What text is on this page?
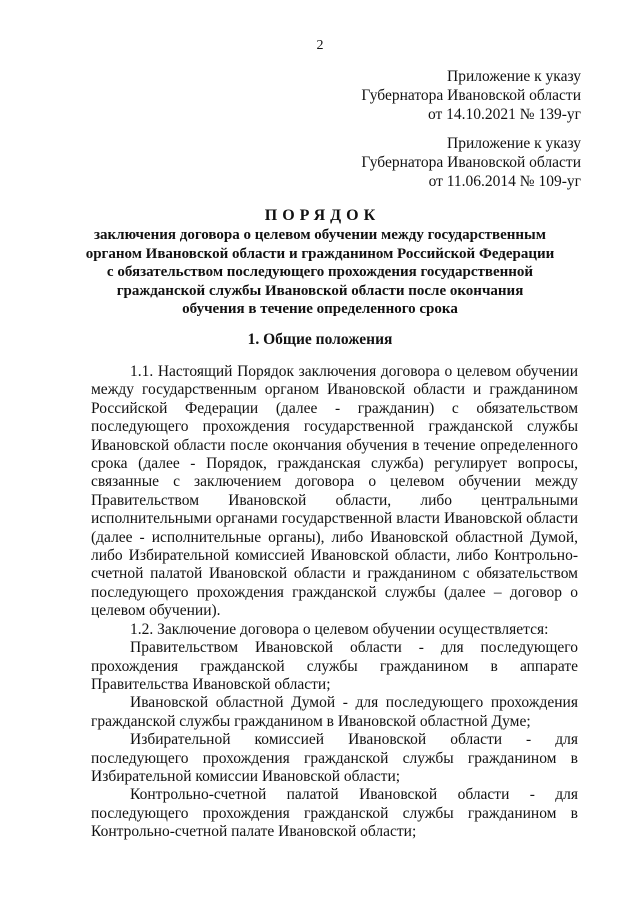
2
Приложение к указу
Губернатора Ивановской области
от 14.10.2021 № 139-уг
Приложение к указу
Губернатора Ивановской области
от 11.06.2014 № 109-уг
ПОРЯДОК
заключения договора о целевом обучении между государственным
органом Ивановской области и гражданином Российской Федерации
с обязательством последующего прохождения государственной
гражданской службы Ивановской области после окончания
обучения в течение определенного срока
1. Общие положения
1.1. Настоящий Порядок заключения договора о целевом обучении между государственным органом Ивановской области и гражданином Российской Федерации (далее - гражданин) с обязательством последующего прохождения государственной гражданской службы Ивановской области после окончания обучения в течение определенного срока (далее - Порядок, гражданская служба) регулирует вопросы, связанные с заключением договора о целевом обучении между Правительством Ивановской области, либо центральными исполнительными органами государственной власти Ивановской области (далее - исполнительные органы), либо Ивановской областной Думой, либо Избирательной комиссией Ивановской области, либо Контрольно-счетной палатой Ивановской области и гражданином с обязательством последующего прохождения гражданской службы (далее – договор о целевом обучении).
1.2. Заключение договора о целевом обучении осуществляется:
Правительством Ивановской области - для последующего прохождения гражданской службы гражданином в аппарате Правительства Ивановской области;
Ивановской областной Думой - для последующего прохождения гражданской службы гражданином в Ивановской областной Думе;
Избирательной комиссией Ивановской области - для последующего прохождения гражданской службы гражданином в Избирательной комиссии Ивановской области;
Контрольно-счетной палатой Ивановской области - для последующего прохождения гражданской службы гражданином в Контрольно-счетной палате Ивановской области;
